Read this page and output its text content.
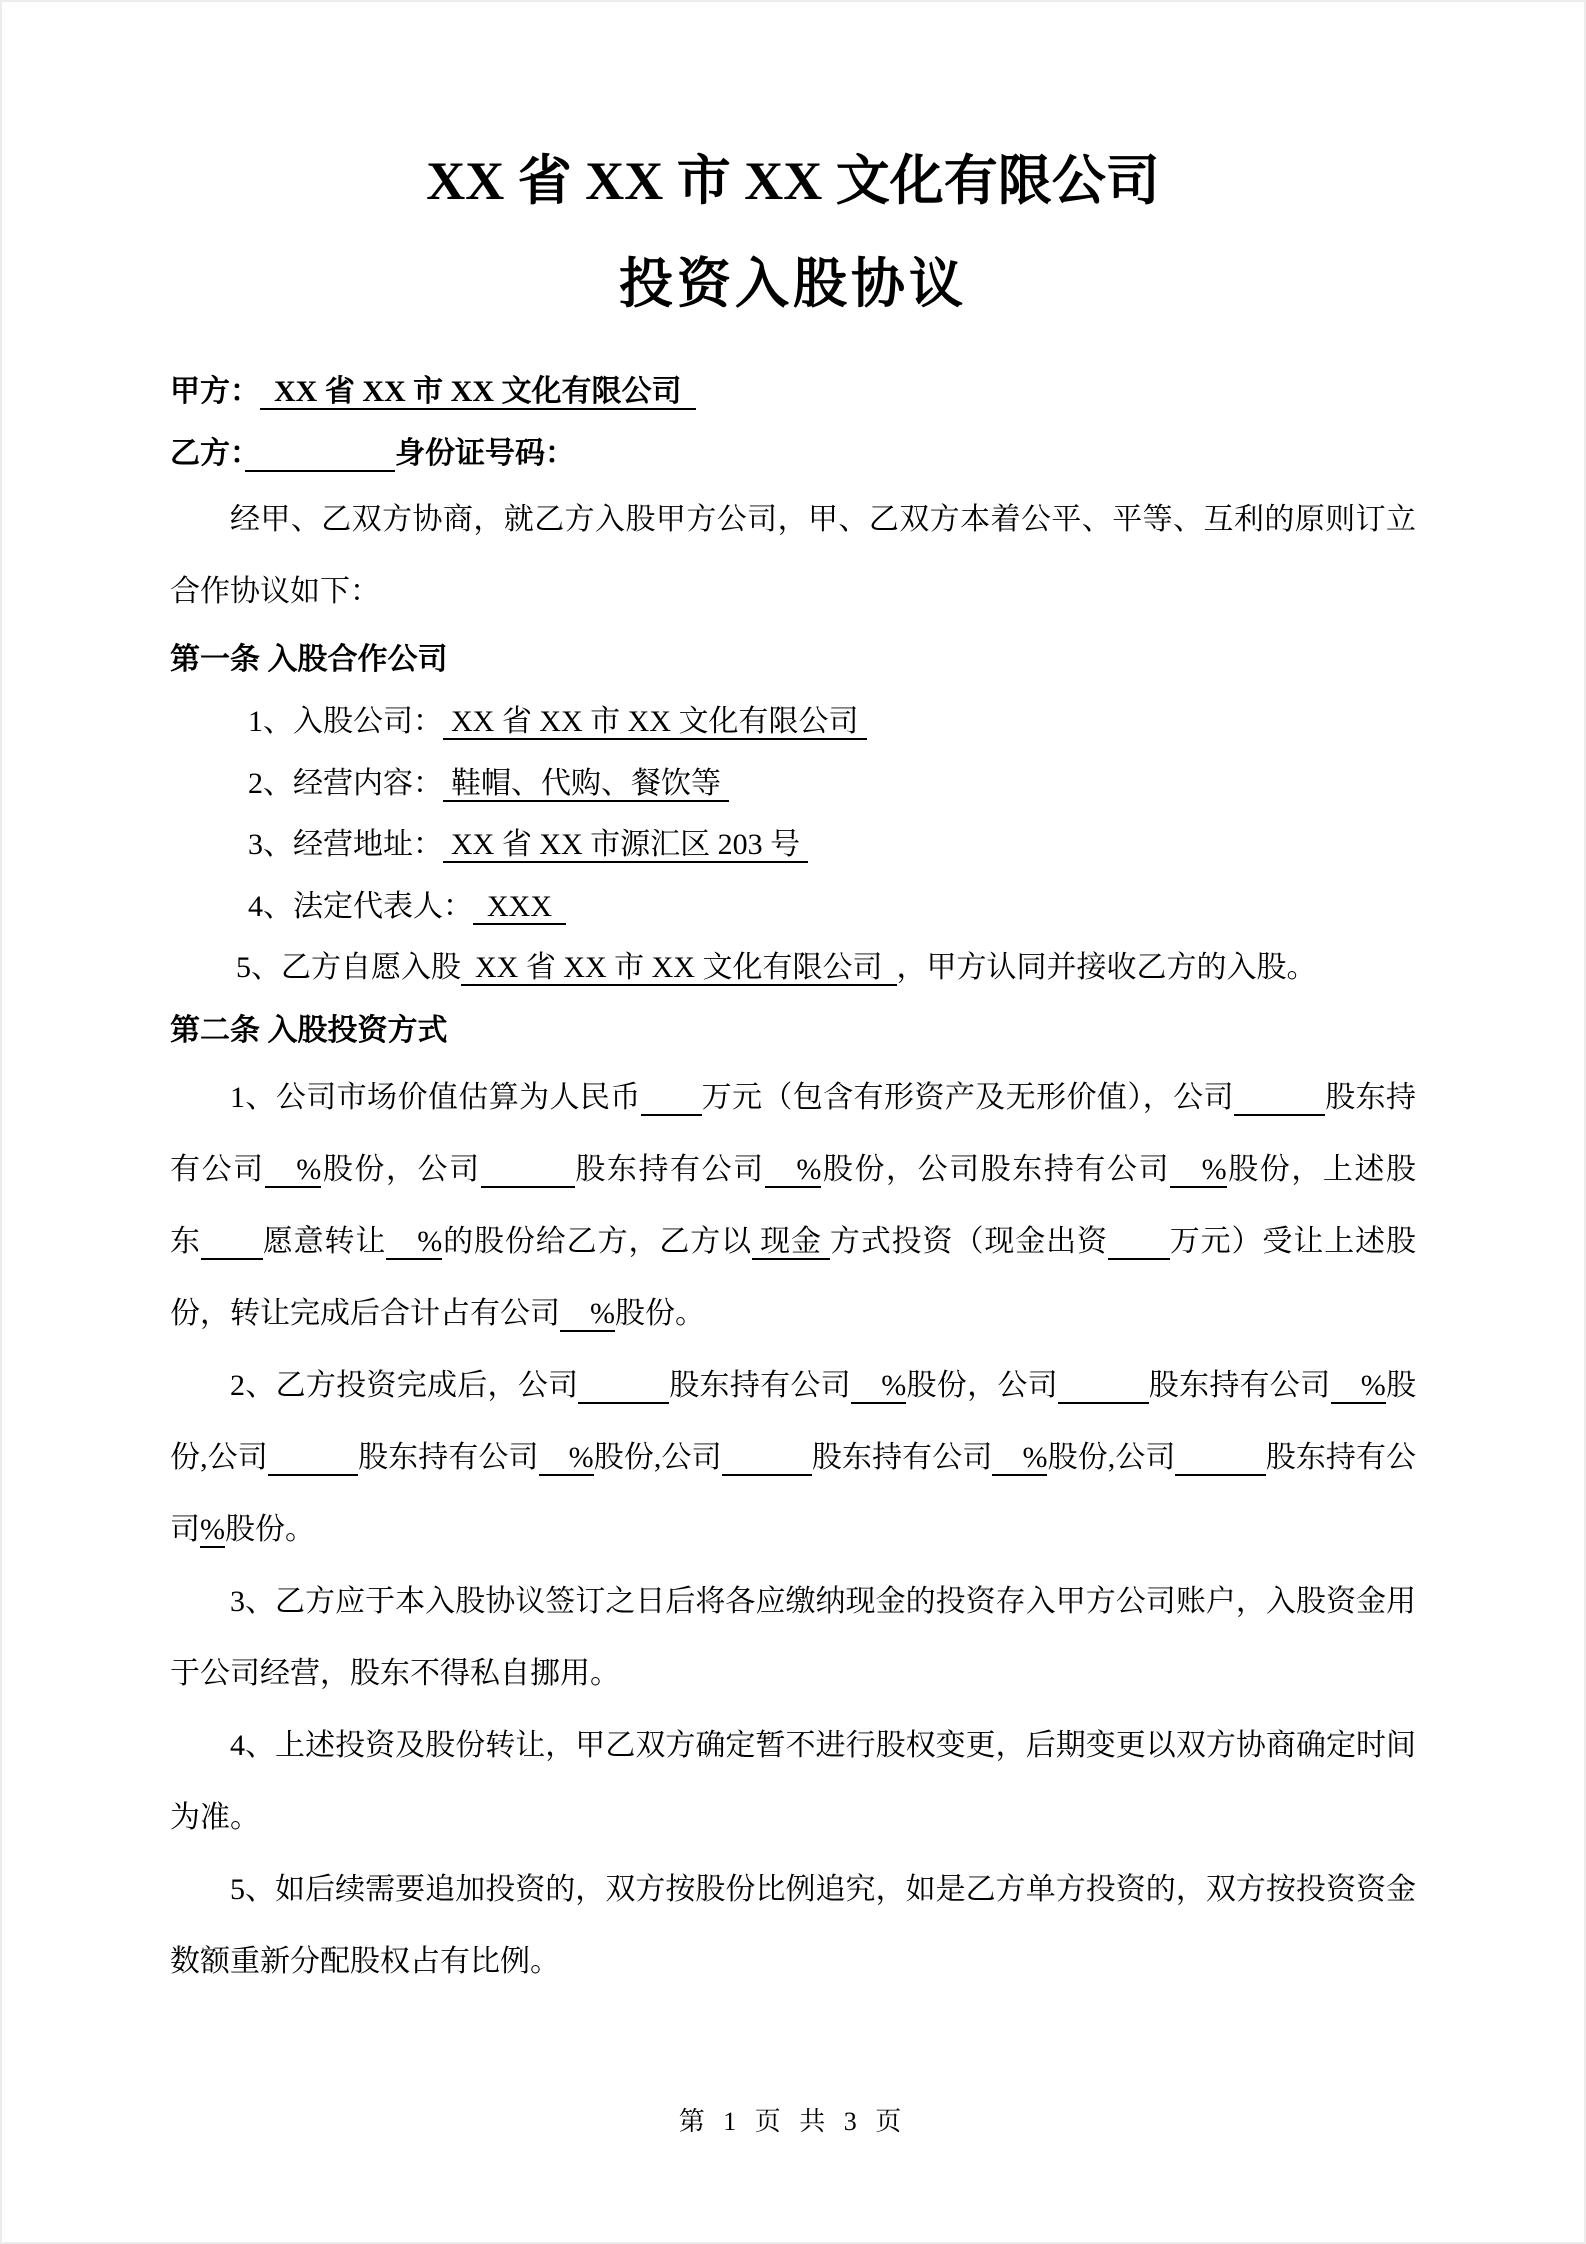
XX 省 XX 市 XX 文化有限公司
投资入股协议

甲方： XX 省 XX 市 XX 文化有限公司

乙方：　　　　　	身份证号码：

经甲、乙双方协商，就乙方入股甲方公司，甲、乙双方本着公平、平等、互利的原则订立合作协议如下：

第一条 入股合作公司

1、入股公司： XX 省 XX 市 XX 文化有限公司

2、经营内容： 鞋帽、代购、餐饮等

3、经营地址： XX 省 XX 市源汇区 203 号

4、法定代表人： XXX

5、乙方自愿入股 XX 省 XX 市 XX 文化有限公司 ，甲方认同并接收乙方的入股。

第二条 入股投资方式

1、公司市场价值估算为人民币　　 万元（包含有形资产及无形价值），公司　　　	股东持有公司　%股份，公司　　　	股东持有公司　%股份，公司股东持有公司　%股份，上述股东　　 愿意转让　%的股份给乙方，乙方以 现金 方式投资（现金出资　　 万元）受让上述股份，转让完成后合计占有公司　%股份。

2、乙方投资完成后，公司　　　	股东持有公司　%股份，公司　　　	股东持有公司　%股份,公司　　　	股东持有公司　%股份,公司　　　	股东持有公司　%股份,公司　　　	股东持有公司%股份。

3、乙方应于本入股协议签订之日后将各应缴纳现金的投资存入甲方公司账户，入股资金用于公司经营，股东不得私自挪用。

4、上述投资及股份转让，甲乙双方确定暂不进行股权变更，后期变更以双方协商确定时间为准。

5、如后续需要追加投资的，双方按股份比例追究，如是乙方单方投资的，双方按投资资金数额重新分配股权占有比例。

第 1 页 共 3 页
